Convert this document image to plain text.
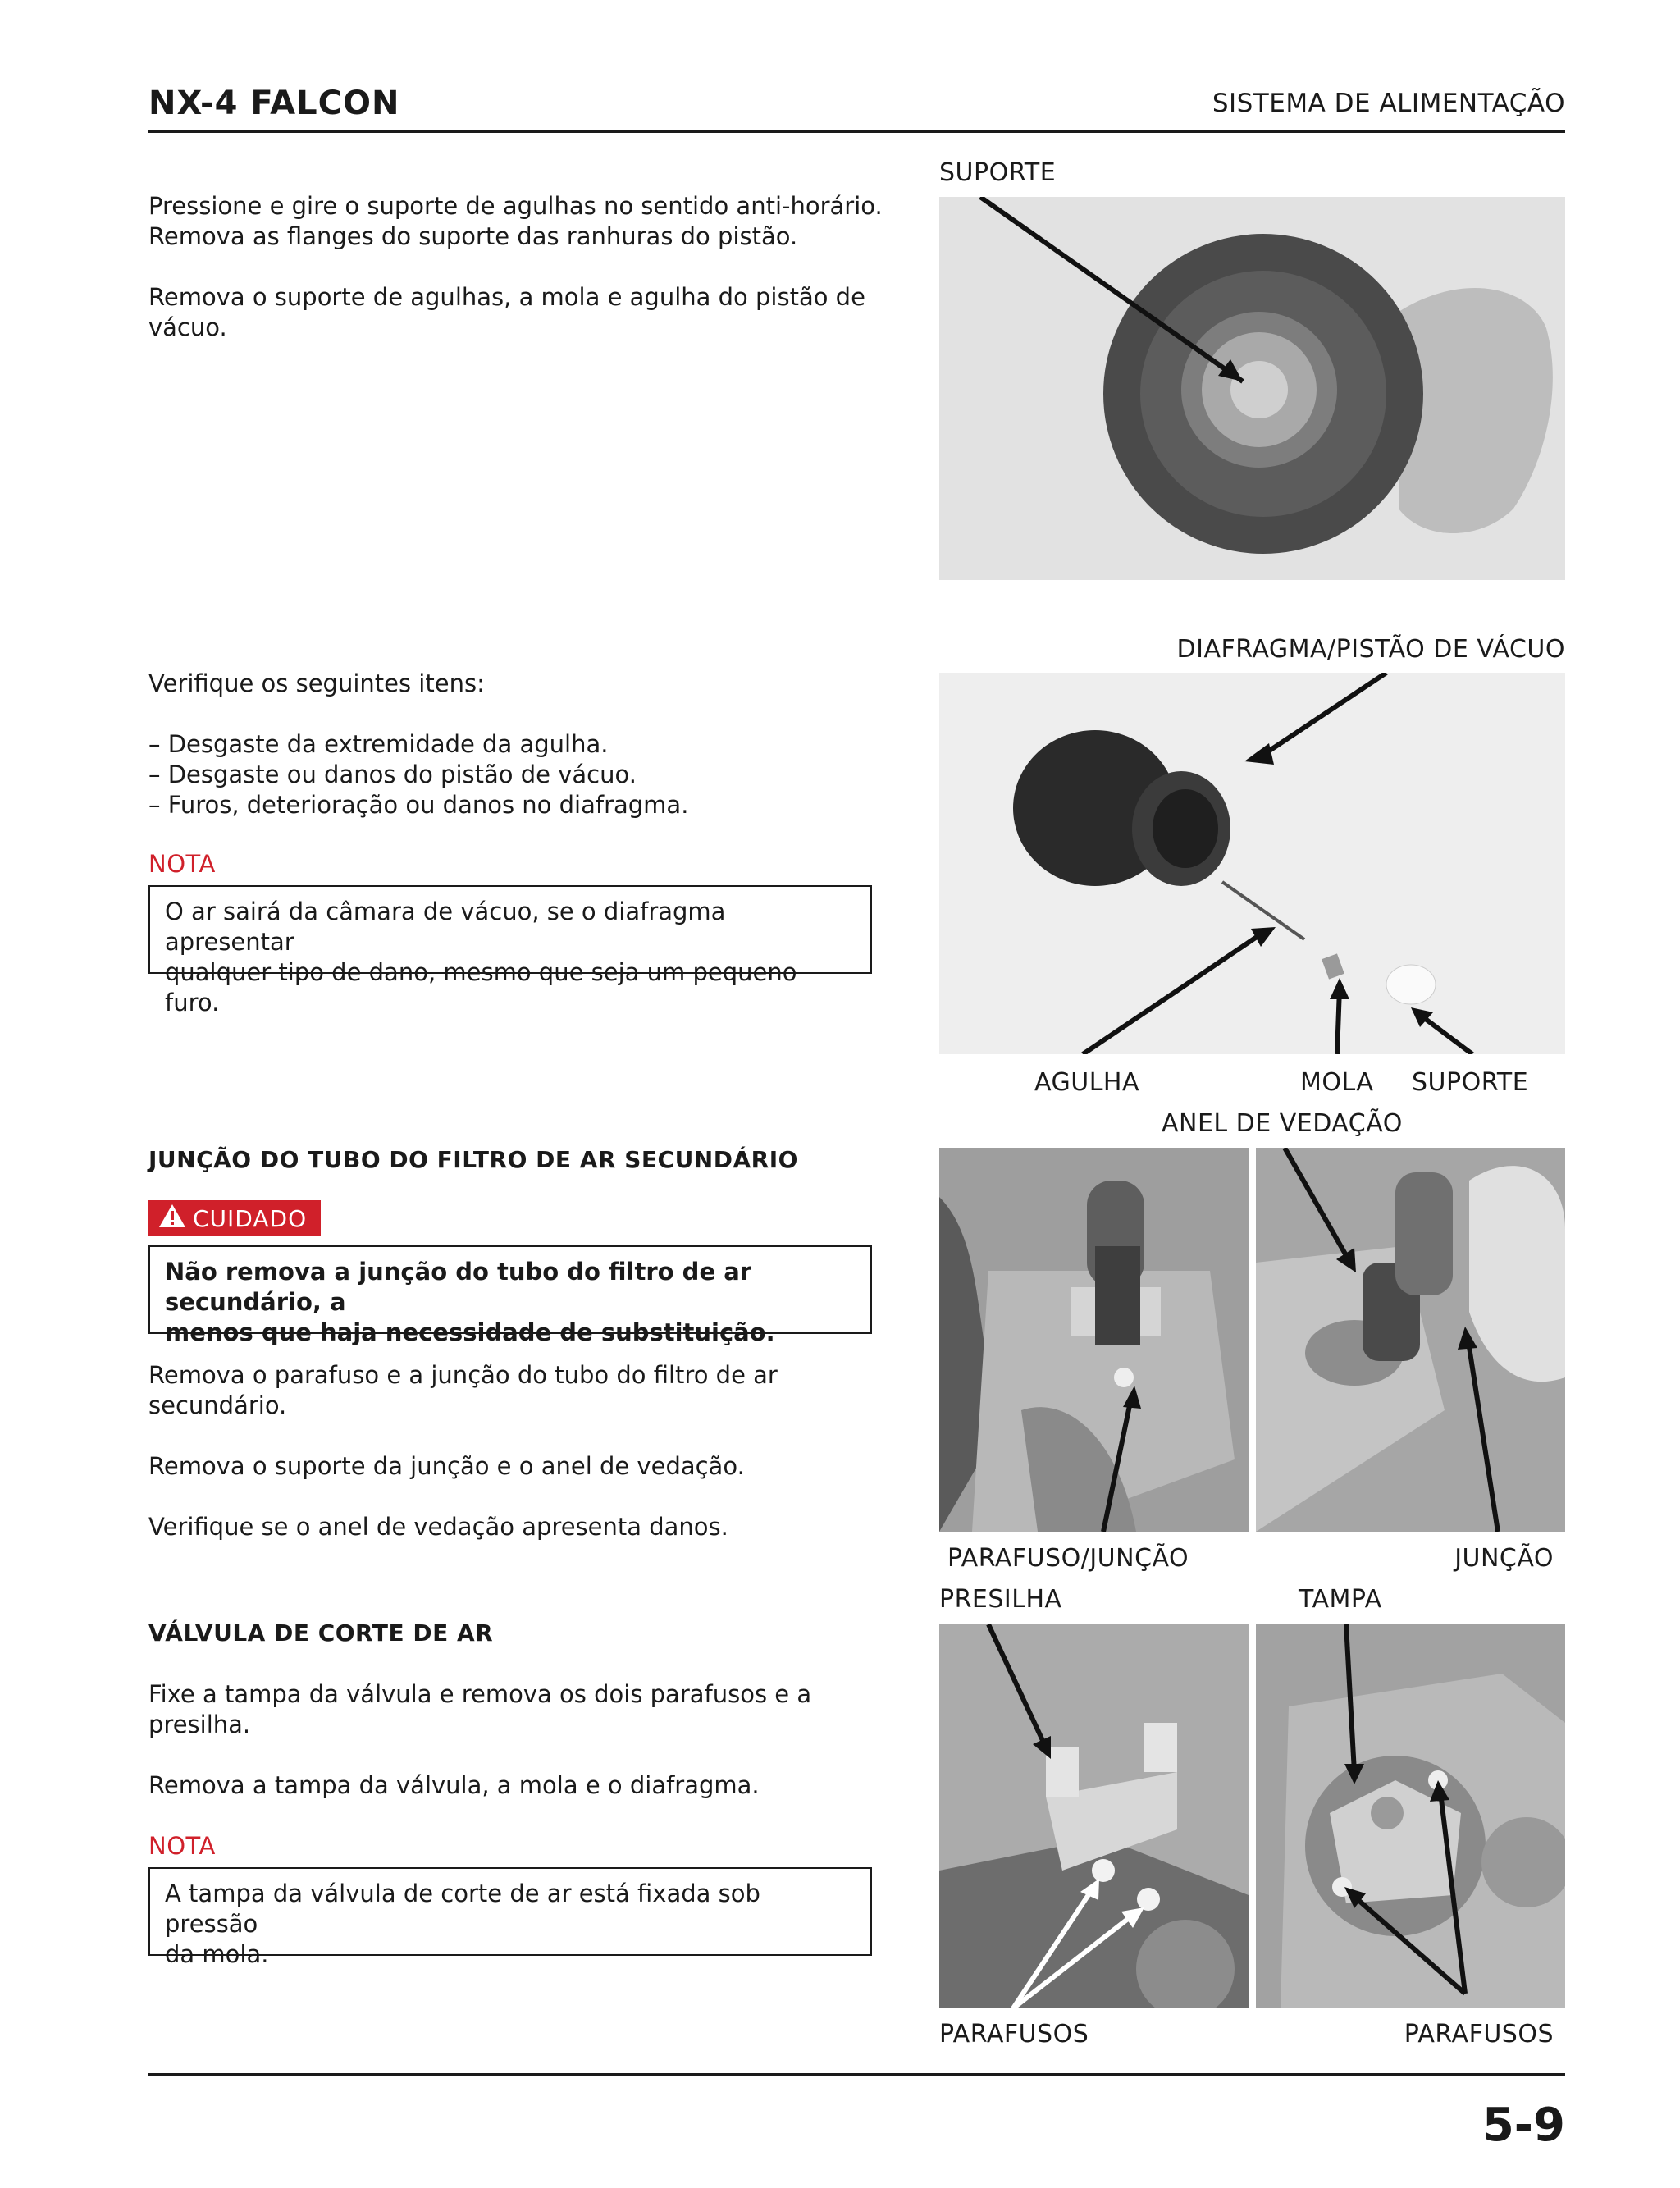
NX-4 FALCON	SISTEMA DE ALIMENTAÇÃO

Pressione e gire o suporte de agulhas no sentido anti-horário.

Remova as flanges do suporte das ranhuras do pistão.

Remova o suporte de agulhas, a mola e agulha do pistão de

vácuo.

Verifique os seguintes itens:

– Desgaste da extremidade da agulha.

– Desgaste ou danos do pistão de vácuo.

– Furos, deterioração ou danos no diafragma.

NOTA
O ar sairá da câmara de vácuo, se o diafragma apresentar
qualquer tipo de dano, mesmo que seja um pequeno furo.
JUNÇÃO DO TUBO DO FILTRO DE AR SECUNDÁRIO
CUIDADO
Não remova a junção do tubo do filtro de ar secundário, a
menos que haja necessidade de substituição.

Remova o parafuso e a junção do tubo do filtro de ar

secundário.

Remova o suporte da junção e o anel de vedação.

Verifique se o anel de vedação apresenta danos.

VÁLVULA DE CORTE DE AR

Fixe a tampa da válvula e remova os dois parafusos e a

presilha.

Remova a tampa da válvula, a mola e o diafragma.

NOTA
A tampa da válvula de corte de ar está fixada sob pressão
da mola.
SUPORTE
DIAFRAGMA/PISTÃO DE VÁCUO
AGULHA	MOLA SUPORTE
ANEL DE VEDAÇÃO
PARAFUSO/JUNÇÃO	JUNÇÃO
PRESILHA	TAMPA
PARAFUSOS	PARAFUSOS
5-9
